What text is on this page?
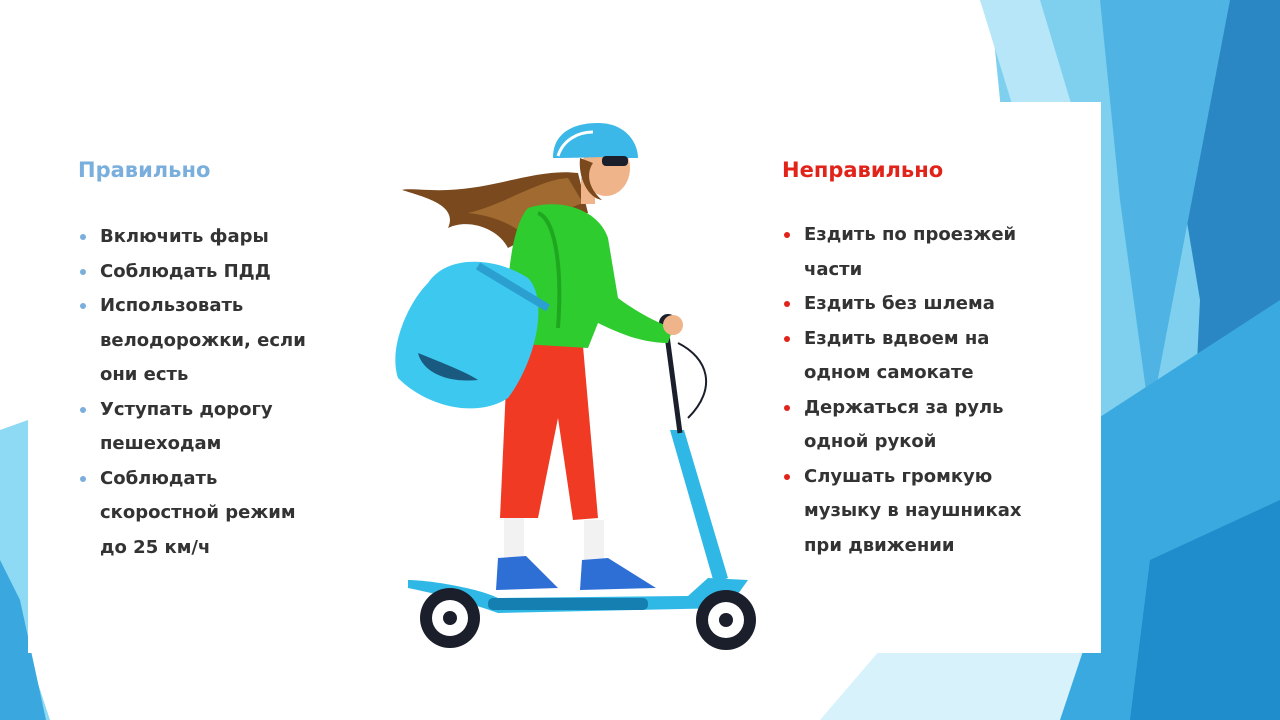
Правильно
Включить фары
Соблюдать ПДД
Использовать
велодорожки, если
они есть
Уступать дорогу
пешеходам
Соблюдать
скоростной режим
до 25 км/ч
Неправильно
Ездить по проезжей
части
Ездить без шлема
Ездить вдвоем на
одном самокате
Держаться за руль
одной рукой
Слушать громкую
музыку в наушниках
при движении
